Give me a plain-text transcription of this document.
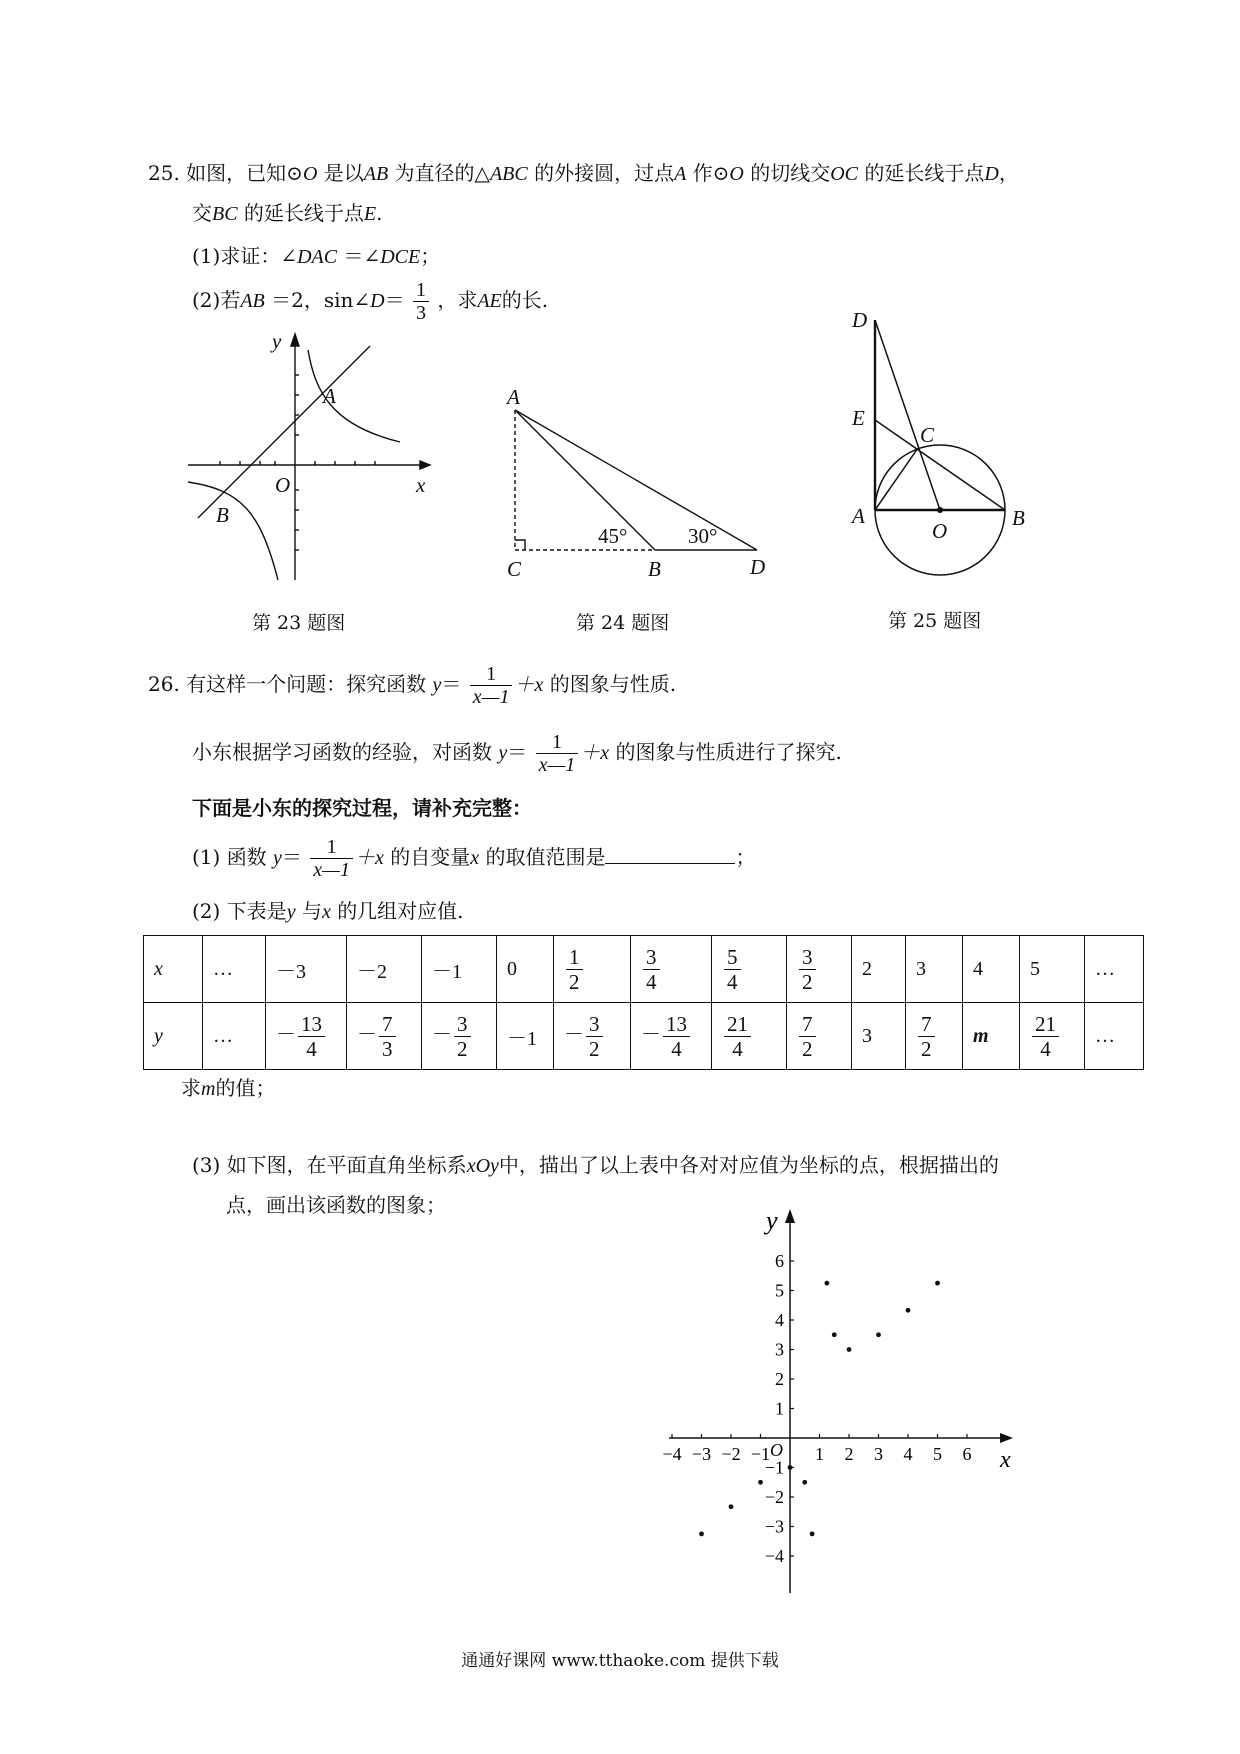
25. 如图，已知⊙O 是以AB 为直径的△ABC 的外接圆，过点A 作⊙O 的切线交OC 的延长线于点D，
交BC 的延长线于点E.
(1)求证：∠DAC ＝∠DCE；
(2)若AB ＝2，sin∠D＝ $\frac{1}{3}$ ，求AE的长.
y
x
O
A
B
第 23 题图
A
C	B	D
45°	30°
第 24 题图
D
E
C
A
O
B
第 25 题图
26. 有这样一个问题：探究函数 $y= \frac{1}{x—1} +x$ 的图象与性质.
小东根据学习函数的经验，对函数 $y= \frac{1}{x—1} +x$ 的图象与性质进行了探究.
下面是小东的探究过程，请补充完整：
(1) 函数 $y= \frac{1}{x—1} +x$ 的自变量x 的取值范围是	；
(2) 下表是y 与x 的几组对应值.
x	…	－3	－2	－1	0	$\frac{1}{2}$	$\frac{3}{4}$	$\frac{5}{4}$	$\frac{3}{2}$	2	3	4	5	…
y	…	－ $\frac{13}{4}$	－ $\frac{7}{3}$	－ $\frac{3}{2}$	－1	－ $\frac{3}{2}$	－ $\frac{13}{4}$	$\frac{21}{4}$	$\frac{7}{2}$	3	$\frac{7}{2}$	m	$\frac{21}{4}$	…
求m的值；
(3) 如下图，在平面直角坐标系xOy中，描出了以上表中各对对应值为坐标的点，根据描出的
点，画出该函数的图象；
−4 −3 −2 −1 1 2 3 4 5 6
6
5
4
3
2
1
−1
−2
−3
−4
O	x
y
通通好课网 www.tthaoke.com 提供下载
